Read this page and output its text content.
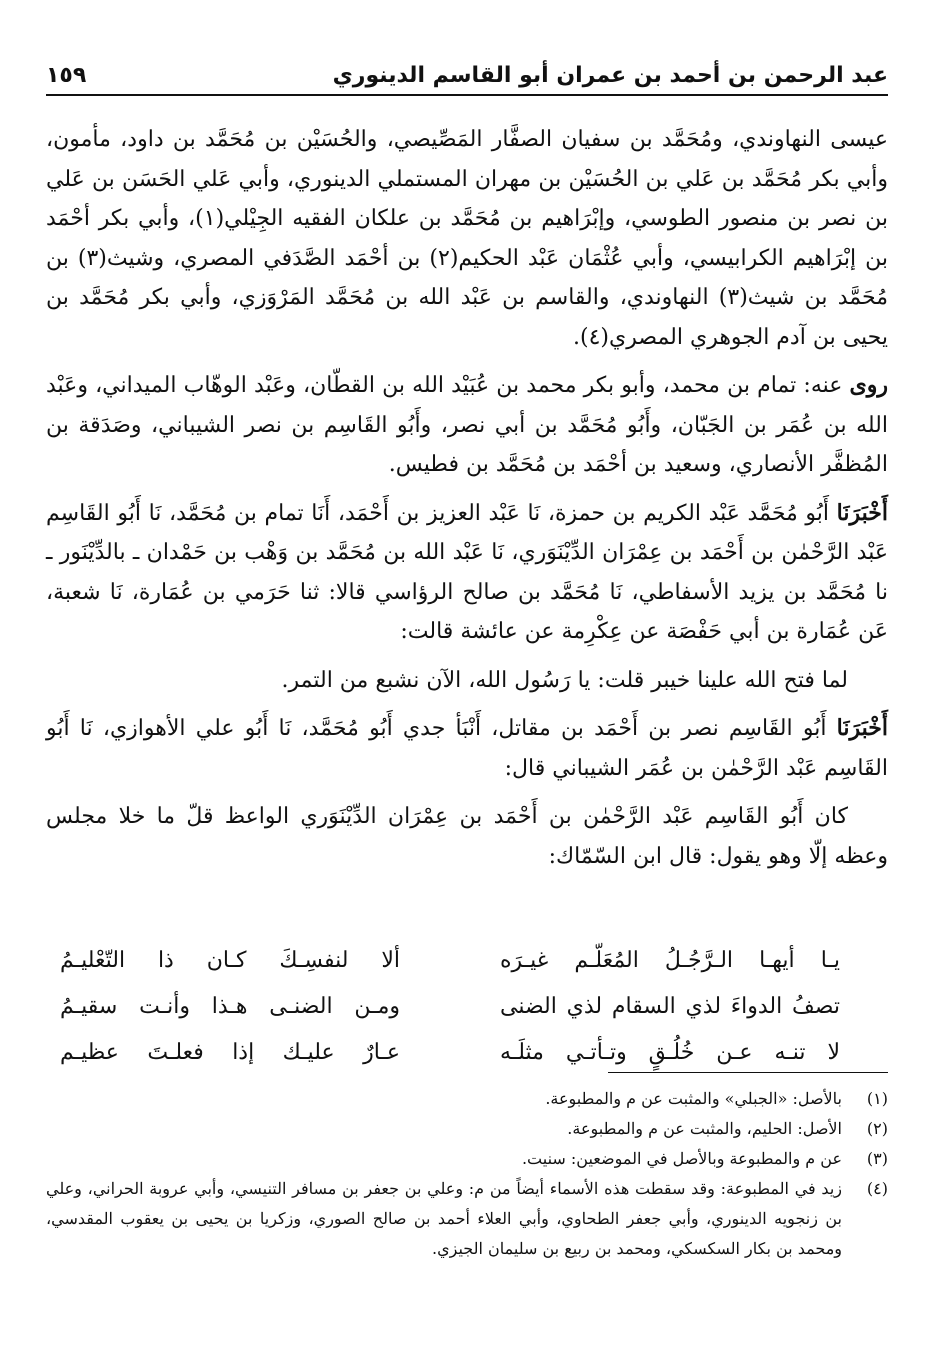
عبد الرحمن بن أحمد بن عمران أبو القاسم الدينوري
١٥٩

عيسى النهاوندي، ومُحَمَّد بن سفيان الصفَّار المَصِّيصي، والحُسَيْن بن مُحَمَّد بن داود، مأمون، وأبي بكر مُحَمَّد بن عَلي بن الحُسَيْن بن مهران المستملي الدينوري، وأبي عَلي الحَسَن بن عَلي بن نصر بن منصور الطوسي، وإبْرَاهيم بن مُحَمَّد بن علكان الفقيه الجِيْلي(١)، وأبي بكر أحْمَد بن إبْرَاهيم الكرابيسي، وأبي عُثْمَان عَبْد الحكيم(٢) بن أحْمَد الصَّدَفي المصري، وشيث(٣) بن مُحَمَّد بن شيث(٣) النهاوندي، والقاسم بن عَبْد الله بن مُحَمَّد المَرْوَزي، وأبي بكر مُحَمَّد بن يحيى بن آدم الجوهري المصري(٤).

روى عنه: تمام بن محمد، وأبو بكر محمد بن عُبَيْد الله بن القطّان، وعَبْد الوهّاب الميداني، وعَبْد الله بن عُمَر بن الجَبّان، وأَبُو مُحَمَّد بن أبي نصر، وأَبُو القَاسِم بن نصر الشيباني، وصَدَقة بن المُظفَّر الأنصاري، وسعيد بن أحْمَد بن مُحَمَّد بن فطيس.

أَخْبَرَنَا أَبُو مُحَمَّد عَبْد الكريم بن حمزة، نَا عَبْد العزيز بن أَحْمَد، أَنَا تمام بن مُحَمَّد، نَا أَبُو القَاسِم عَبْد الرَّحْمٰن بن أَحْمَد بن عِمْرَان الدِّيْنَوَري، نَا عَبْد الله بن مُحَمَّد بن وَهْب بن حَمْدان ـ بالدِّيْنَور ـ نا مُحَمَّد بن يزيد الأسفاطي، نَا مُحَمَّد بن صالح الرؤاسي قالا: ثنا حَرَمي بن عُمَارة، نَا شعبة، عَن عُمَارة بن أبي حَفْصَة عن عِكْرِمة عن عائشة قالت:

لما فتح الله علينا خيبر قلت: يا رَسُول الله، الآن نشبع من التمر.

أَخْبَرَنَا أَبُو القَاسِم نصر بن أَحْمَد بن مقاتل، أَنْبَأ جدي أَبُو مُحَمَّد، نَا أَبُو علي الأهوازي، نَا أَبُو القَاسِم عَبْد الرَّحْمٰن بن عُمَر الشيباني قال:

كان أَبُو القَاسِم عَبْد الرَّحْمٰن بن أَحْمَد بن عِمْرَان الدِّيْنَوَري الواعظ قلّ ما خلا مجلس وعظه إلّا وهو يقول: قال ابن السّمّاك:

يـا أيهـا الـرَّجُـلُ المُعَلّـم غيـرَه
ألا لنفسِـكَ كـان ذا التّعْليـمُ
تصفُ الدواءَ لذي السقام لذي الضنى
ومـن الضنـى هـذا وأنـت سقيـمُ
لا تنـه عـن خُلُـقٍ وتـأتـي مثلَـه
عـارٌ عليـك إذا فعلـتَ عظيـم
(١)
بالأصل: «الجبلي» والمثبت عن م والمطبوعة.
(٢)
الأصل: الحليم، والمثبت عن م والمطبوعة.
(٣)
عن م والمطبوعة وبالأصل في الموضعين: سنيت.
(٤)
زيد في المطبوعة: وقد سقطت هذه الأسماء أيضاً من م: وعلي بن جعفر بن مسافر التنيسي، وأبي عروبة الحراني، وعلي بن زنجويه الدينوري، وأبي جعفر الطحاوي، وأبي العلاء أحمد بن صالح الصوري، وزكريا بن يحيى بن يعقوب المقدسي، ومحمد بن بكار السكسكي، ومحمد بن ربيع بن سليمان الجيزي.
